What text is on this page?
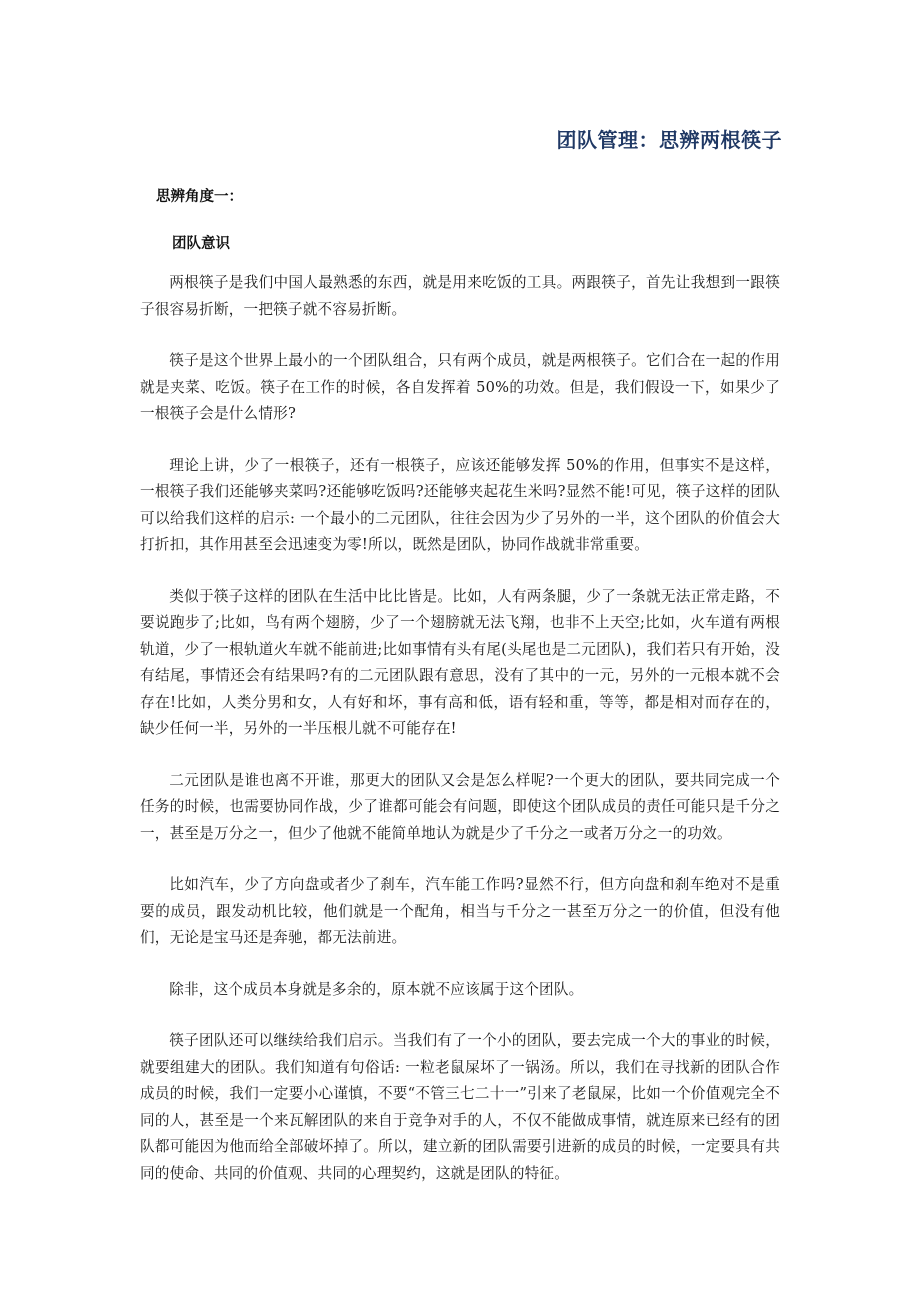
团队管理：思辨两根筷子
思辨角度一：
团队意识

两根筷子是我们中国人最熟悉的东西，就是用来吃饭的工具。两跟筷子，首先让我想到一跟筷子很容易折断，一把筷子就不容易折断。

筷子是这个世界上最小的一个团队组合，只有两个成员，就是两根筷子。它们合在一起的作用就是夹菜、吃饭。筷子在工作的时候，各自发挥着 50%的功效。但是，我们假设一下，如果少了一根筷子会是什么情形?

理论上讲，少了一根筷子，还有一根筷子，应该还能够发挥 50%的作用，但事实不是这样，一根筷子我们还能够夹菜吗?还能够吃饭吗?还能够夹起花生米吗?显然不能!可见，筷子这样的团队可以给我们这样的启示: 一个最小的二元团队，往往会因为少了另外的一半，这个团队的价值会大打折扣，其作用甚至会迅速变为零!所以，既然是团队，协同作战就非常重要。

类似于筷子这样的团队在生活中比比皆是。比如，人有两条腿，少了一条就无法正常走路，不要说跑步了;比如，鸟有两个翅膀，少了一个翅膀就无法飞翔，也非不上天空;比如，火车道有两根轨道，少了一根轨道火车就不能前进;比如事情有头有尾(头尾也是二元团队)，我们若只有开始，没有结尾，事情还会有结果吗?有的二元团队跟有意思，没有了其中的一元，另外的一元根本就不会存在!比如，人类分男和女，人有好和坏，事有高和低，语有轻和重，等等，都是相对而存在的，缺少任何一半，另外的一半压根儿就不可能存在!

二元团队是谁也离不开谁，那更大的团队又会是怎么样呢?一个更大的团队，要共同完成一个任务的时候，也需要协同作战，少了谁都可能会有问题，即使这个团队成员的责任可能只是千分之一，甚至是万分之一，但少了他就不能简单地认为就是少了千分之一或者万分之一的功效。

比如汽车，少了方向盘或者少了刹车，汽车能工作吗?显然不行，但方向盘和刹车绝对不是重要的成员，跟发动机比较，他们就是一个配角，相当与千分之一甚至万分之一的价值，但没有他们，无论是宝马还是奔驰，都无法前进。

除非，这个成员本身就是多余的，原本就不应该属于这个团队。

筷子团队还可以继续给我们启示。当我们有了一个小的团队，要去完成一个大的事业的时候，就要组建大的团队。我们知道有句俗话: 一粒老鼠屎坏了一锅汤。所以，我们在寻找新的团队合作成员的时候，我们一定要小心谨慎，不要“不管三七二十一”引来了老鼠屎，比如一个价值观完全不同的人，甚至是一个来瓦解团队的来自于竞争对手的人，不仅不能做成事情，就连原来已经有的团队都可能因为他而给全部破坏掉了。所以，建立新的团队需要引进新的成员的时候，一定要具有共同的使命、共同的价值观、共同的心理契约，这就是团队的特征。
